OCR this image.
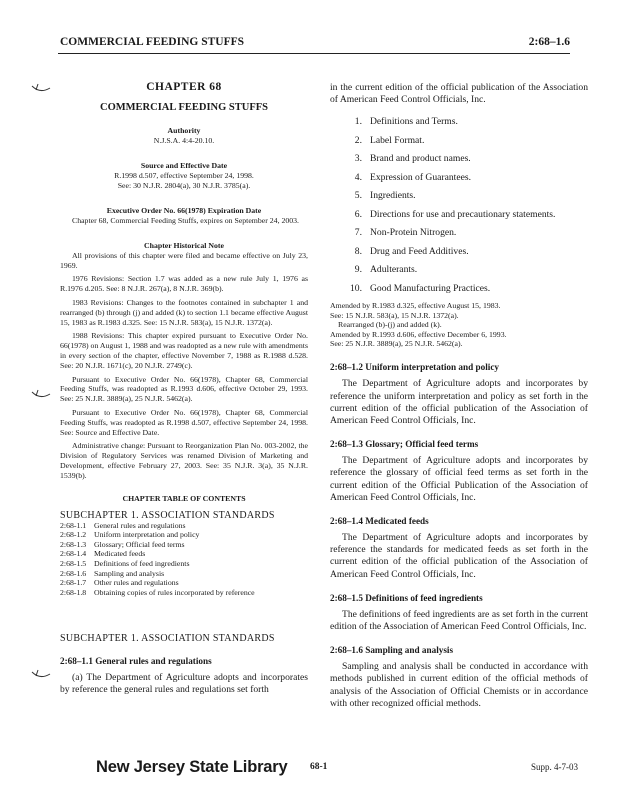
COMMERCIAL FEEDING STUFFS	2:68–1.6
CHAPTER 68
COMMERCIAL FEEDING STUFFS
Authority
N.J.S.A. 4:4-20.10.
Source and Effective Date
R.1998 d.507, effective September 24, 1998.
See: 30 N.J.R. 2804(a), 30 N.J.R. 3785(a).
Executive Order No. 66(1978) Expiration Date

Chapter 68, Commercial Feeding Stuffs, expires on September 24, 2003.

Chapter Historical Note

All provisions of this chapter were filed and became effective on July 23, 1969.

1976 Revisions: Section 1.7 was added as a new rule July 1, 1976 as R.1976 d.205. See: 8 N.J.R. 267(a), 8 N.J.R. 369(b).

1983 Revisions: Changes to the footnotes contained in subchapter 1 and rearranged (b) through (j) and added (k) to section 1.1 became effective August 15, 1983 as R.1983 d.325. See: 15 N.J.R. 583(a), 15 N.J.R. 1372(a).

1988 Revisions: This chapter expired pursuant to Executive Order No. 66(1978) on August 1, 1988 and was readopted as a new rule with amendments in every section of the chapter, effective November 7, 1988 as R.1988 d.528. See: 20 N.J.R. 1671(c), 20 N.J.R. 2749(c).

Pursuant to Executive Order No. 66(1978), Chapter 68, Commercial Feeding Stuffs, was readopted as R.1993 d.606, effective October 29, 1993. See: 25 N.J.R. 3889(a), 25 N.J.R. 5462(a).

Pursuant to Executive Order No. 66(1978), Chapter 68, Commercial Feeding Stuffs, was readopted as R.1998 d.507, effective September 24, 1998. See: Source and Effective Date.

Administrative change: Pursuant to Reorganization Plan No. 003-2002, the Division of Regulatory Services was renamed Division of Marketing and Development, effective February 27, 2003. See: 35 N.J.R. 3(a), 35 N.J.R. 1539(b).

CHAPTER TABLE OF CONTENTS
SUBCHAPTER 1. ASSOCIATION STANDARDS
2:68-1.1 General rules and regulations
2:68-1.2 Uniform interpretation and policy
2:68-1.3 Glossary; Official feed terms
2:68-1.4 Medicated feeds
2:68-1.5 Definitions of feed ingredients
2:68-1.6 Sampling and analysis
2:68-1.7 Other rules and regulations
2:68-1.8 Obtaining copies of rules incorporated by reference
SUBCHAPTER 1. ASSOCIATION STANDARDS
2:68–1.1 General rules and regulations

(a) The Department of Agriculture adopts and incorporates by reference the general rules and regulations set forth

in the current edition of the official publication of the Association of American Feed Control Officials, Inc.

1. Definitions and Terms.
2. Label Format.
3. Brand and product names.
4. Expression of Guarantees.
5. Ingredients.
6. Directions for use and precautionary statements.
7. Non-Protein Nitrogen.
8. Drug and Feed Additives.
9. Adulterants.
10. Good Manufacturing Practices.
Amended by R.1983 d.325, effective August 15, 1983.
See: 15 N.J.R. 583(a), 15 N.J.R. 1372(a).
Rearranged (b)-(j) and added (k).
Amended by R.1993 d.606, effective December 6, 1993.
See: 25 N.J.R. 3889(a), 25 N.J.R. 5462(a).
2:68–1.2 Uniform interpretation and policy

The Department of Agriculture adopts and incorporates by reference the uniform interpretation and policy as set forth in the current edition of the official publication of the Association of American Feed Control Officials, Inc.

2:68–1.3 Glossary; Official feed terms

The Department of Agriculture adopts and incorporates by reference the glossary of official feed terms as set forth in the current edition of the Official Publication of the Association of American Feed Control Officials, Inc.

2:68–1.4 Medicated feeds

The Department of Agriculture adopts and incorporates by reference the standards for medicated feeds as set forth in the current edition of the official publication of the Association of American Feed Control Officials, Inc.

2:68–1.5 Definitions of feed ingredients

The definitions of feed ingredients are as set forth in the current edition of the Association of American Feed Control Officials, Inc.

2:68–1.6 Sampling and analysis

Sampling and analysis shall be conducted in accordance with methods published in current edition of the official methods of analysis of the Association of Official Chemists or in accordance with other recognized official methods.

New Jersey State Library 68-1	Supp. 4-7-03
